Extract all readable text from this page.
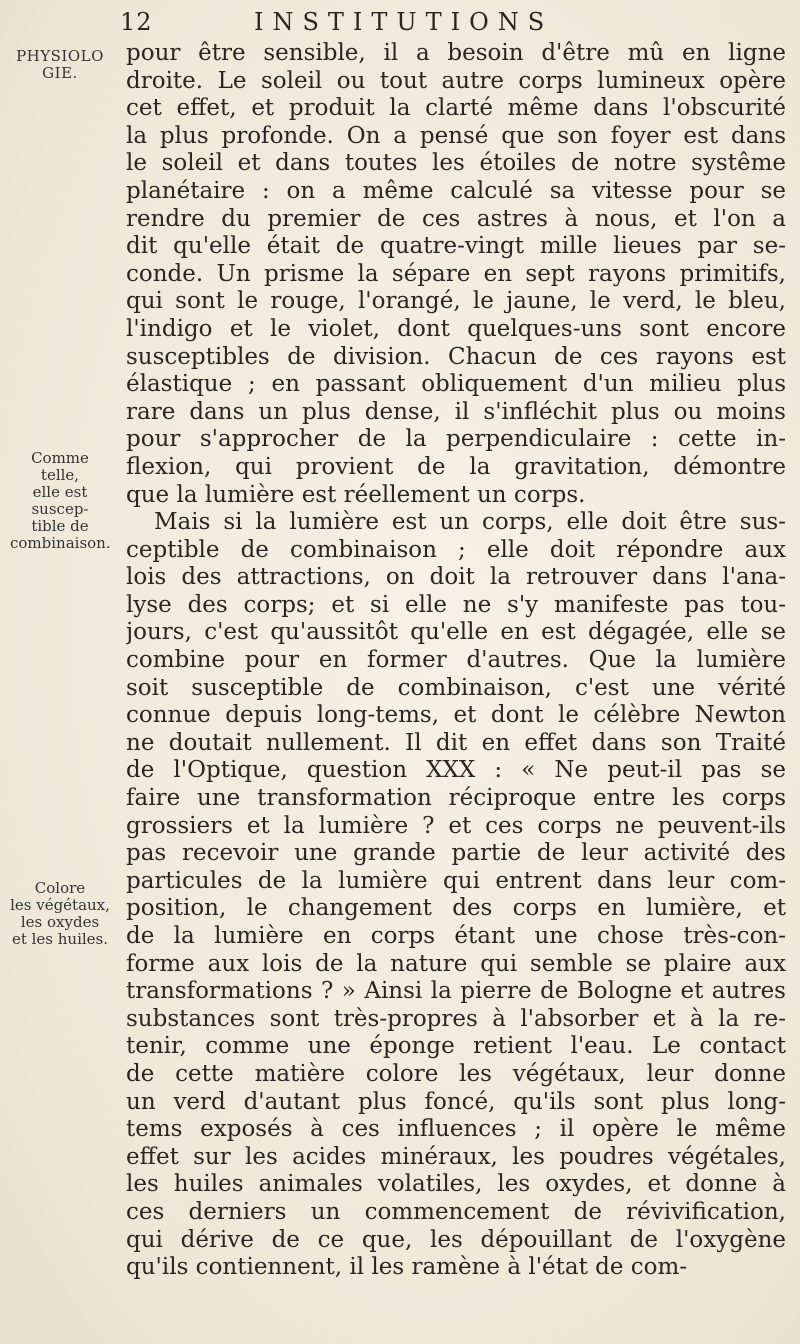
12	INSTITUTIONS
PHYSIOLO
GIE.
Comme telle,
elle est suscep-
tible de
combinaison.
Colore
les végétaux,
les oxydes
et les huiles.
pour être sensible, il a besoin d'être mû en ligne
droite. Le soleil ou tout autre corps lumineux opère
cet effet, et produit la clarté même dans l'obscurité
la plus profonde. On a pensé que son foyer est dans
le soleil et dans toutes les étoiles de notre systême
planétaire : on a même calculé sa vitesse pour se
rendre du premier de ces astres à nous, et l'on a
dit qu'elle était de quatre-vingt mille lieues par se-
conde. Un prisme la sépare en sept rayons primitifs,
qui sont le rouge, l'orangé, le jaune, le verd, le bleu,
l'indigo et le violet, dont quelques-uns sont encore
susceptibles de division. Chacun de ces rayons est
élastique ; en passant obliquement d'un milieu plus
rare dans un plus dense, il s'infléchit plus ou moins
pour s'approcher de la perpendiculaire : cette in-
flexion, qui provient de la gravitation, démontre
que la lumière est réellement un corps.
Mais si la lumière est un corps, elle doit être sus-
ceptible de combinaison ; elle doit répondre aux
lois des attractions, on doit la retrouver dans l'ana-
lyse des corps; et si elle ne s'y manifeste pas tou-
jours, c'est qu'aussitôt qu'elle en est dégagée, elle se
combine pour en former d'autres. Que la lumière
soit susceptible de combinaison, c'est une vérité
connue depuis long-tems, et dont le célèbre Newton
ne doutait nullement. Il dit en effet dans son Traité
de l'Optique, question XXX : « Ne peut-il pas se
faire une transformation réciproque entre les corps
grossiers et la lumière ? et ces corps ne peuvent-ils
pas recevoir une grande partie de leur activité des
particules de la lumière qui entrent dans leur com-
position, le changement des corps en lumière, et
de la lumière en corps étant une chose très-con-
forme aux lois de la nature qui semble se plaire aux
transformations ? » Ainsi la pierre de Bologne et autres
substances sont très-propres à l'absorber et à la re-
tenir, comme une éponge retient l'eau. Le contact
de cette matière colore les végétaux, leur donne
un verd d'autant plus foncé, qu'ils sont plus long-
tems exposés à ces influences ; il opère le même
effet sur les acides minéraux, les poudres végétales,
les huiles animales volatiles, les oxydes, et donne à
ces derniers un commencement de révivification,
qui dérive de ce que, les dépouillant de l'oxygène
qu'ils contiennent, il les ramène à l'état de com-
